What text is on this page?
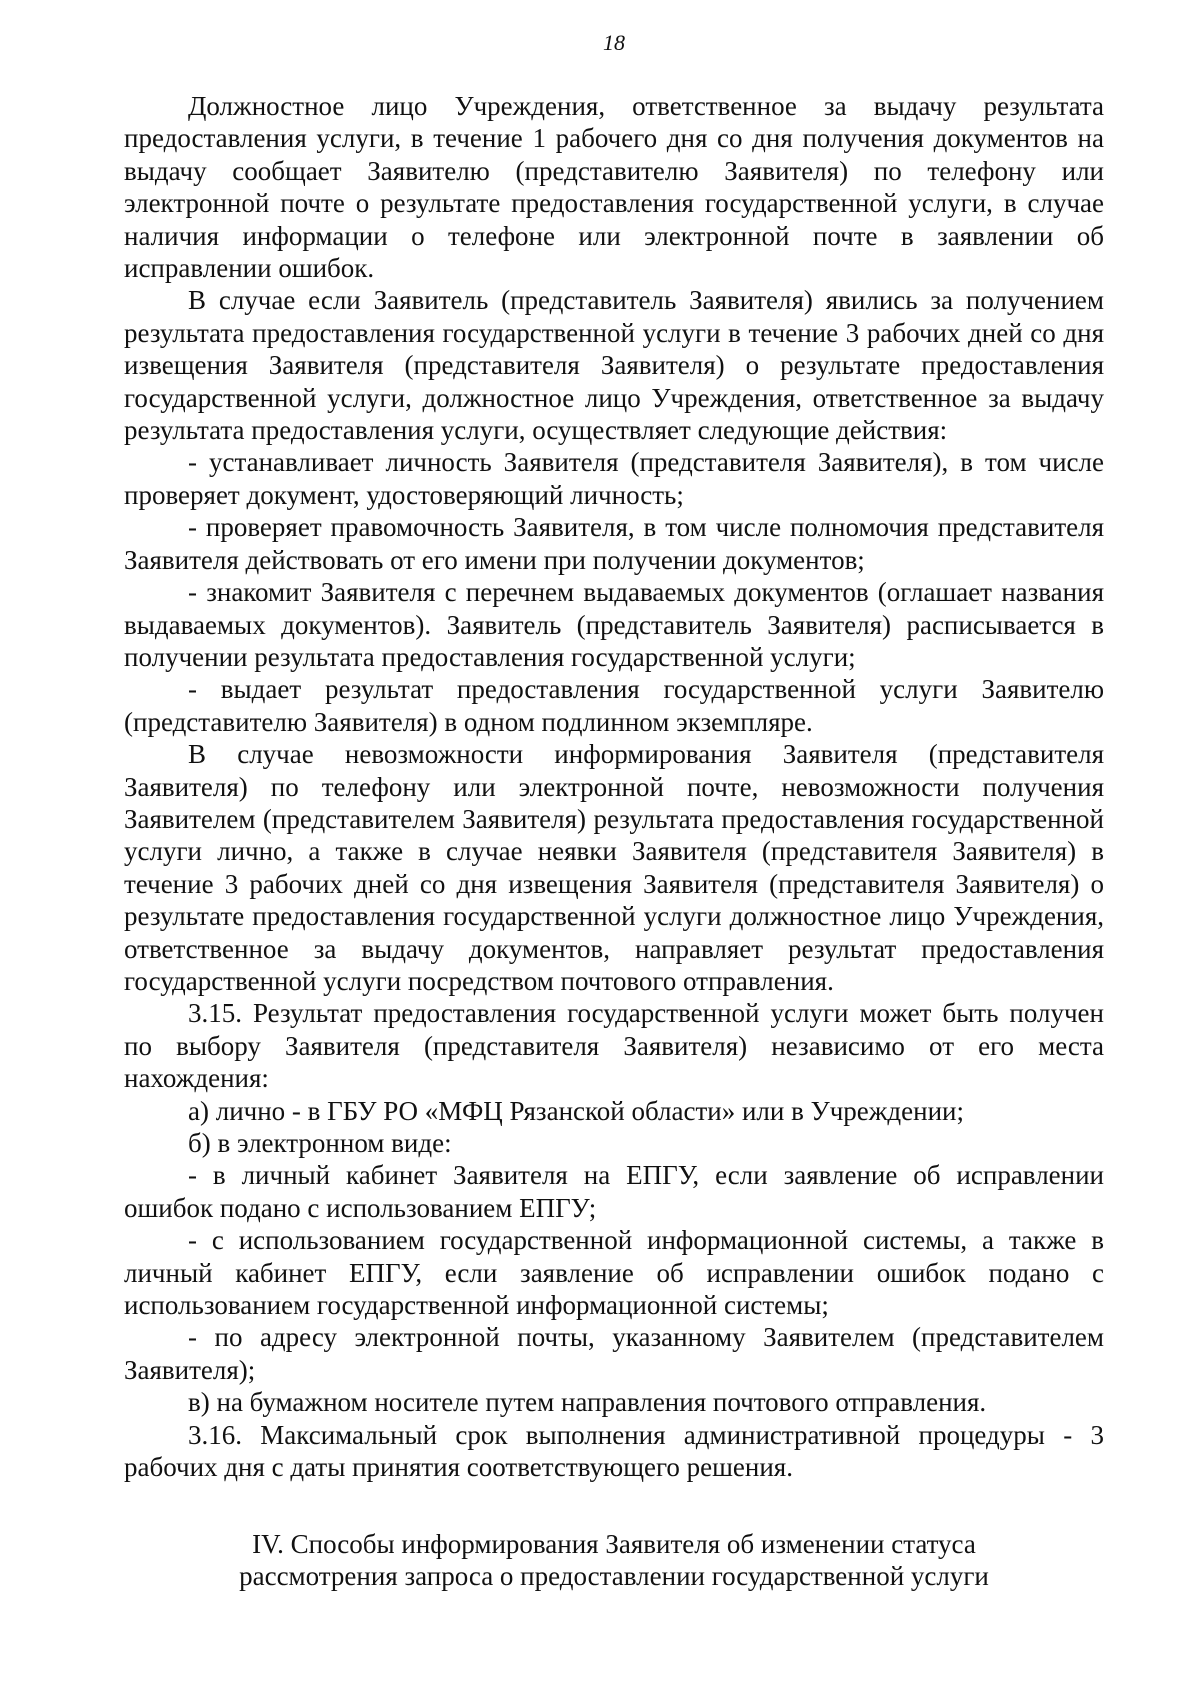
18

Должностное лицо Учреждения, ответственное за выдачу результата предоставления услуги, в течение 1 рабочего дня со дня получения документов на выдачу сообщает Заявителю (представителю Заявителя) по телефону или электронной почте о результате предоставления государственной услуги, в случае наличия информации о телефоне или электронной почте в заявлении об исправлении ошибок.

В случае если Заявитель (представитель Заявителя) явились за получением результата предоставления государственной услуги в течение 3 рабочих дней со дня извещения Заявителя (представителя Заявителя) о результате предоставления государственной услуги, должностное лицо Учреждения, ответственное за выдачу результата предоставления услуги, осуществляет следующие действия:

- устанавливает личность Заявителя (представителя Заявителя), в том числе проверяет документ, удостоверяющий личность;

- проверяет правомочность Заявителя, в том числе полномочия представителя Заявителя действовать от его имени при получении документов;

- знакомит Заявителя с перечнем выдаваемых документов (оглашает названия выдаваемых документов). Заявитель (представитель Заявителя) расписывается в получении результата предоставления государственной услуги;

- выдает результат предоставления государственной услуги Заявителю (представителю Заявителя) в одном подлинном экземпляре.

В случае невозможности информирования Заявителя (представителя Заявителя) по телефону или электронной почте, невозможности получения Заявителем (представителем Заявителя) результата предоставления государственной услуги лично, а также в случае неявки Заявителя (представителя Заявителя) в течение 3 рабочих дней со дня извещения Заявителя (представителя Заявителя) о результате предоставления государственной услуги должностное лицо Учреждения, ответственное за выдачу документов, направляет результат предоставления государственной услуги посредством почтового отправления.

3.15. Результат предоставления государственной услуги может быть получен по выбору Заявителя (представителя Заявителя) независимо от его места нахождения:

а) лично - в ГБУ РО «МФЦ Рязанской области» или в Учреждении;

б) в электронном виде:

- в личный кабинет Заявителя на ЕПГУ, если заявление об исправлении ошибок подано с использованием ЕПГУ;

- с использованием государственной информационной системы, а также в личный кабинет ЕПГУ, если заявление об исправлении ошибок подано с использованием государственной информационной системы;

- по адресу электронной почты, указанному Заявителем (представителем Заявителя);

в) на бумажном носителе путем направления почтового отправления.

3.16. Максимальный срок выполнения административной процедуры - 3 рабочих дня с даты принятия соответствующего решения.

IV. Способы информирования Заявителя об изменении статуса
рассмотрения запроса о предоставлении государственной услуги
